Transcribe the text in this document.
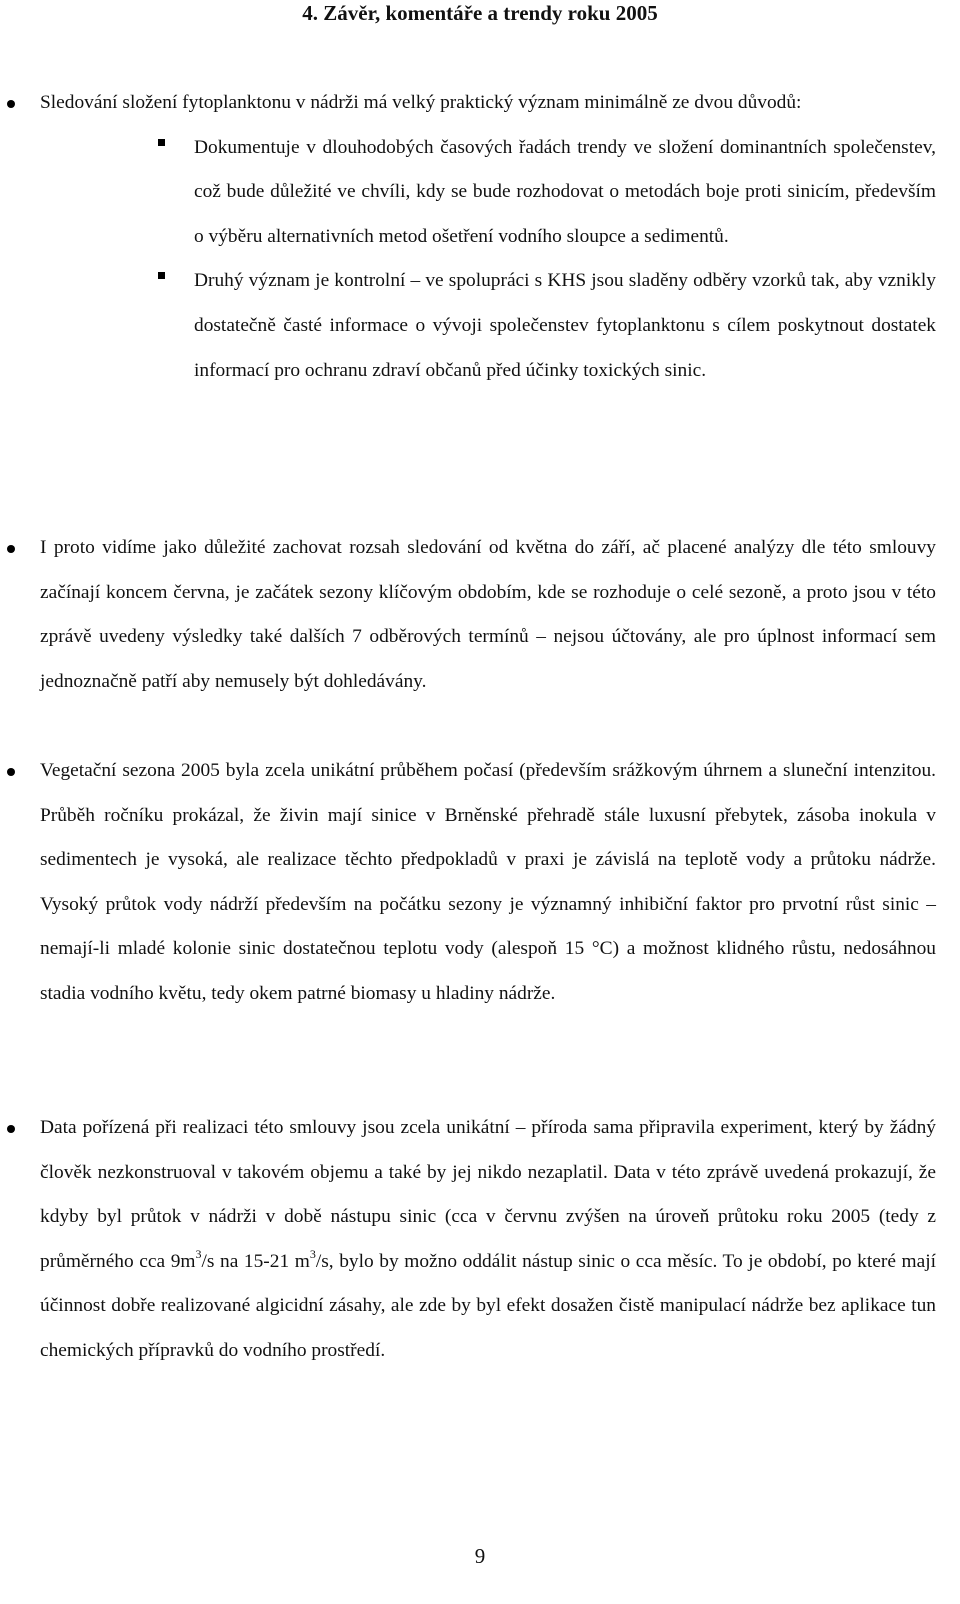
4. Závěr, komentáře a trendy roku 2005
Sledování složení fytoplanktonu v nádrži má velký praktický význam minimálně ze dvou důvodů:
Dokumentuje v dlouhodobých časových řadách trendy ve složení dominantních společenstev, což bude důležité ve chvíli, kdy se bude rozhodovat o metodách boje proti sinicím, především o výběru alternativních metod ošetření vodního sloupce a sedimentů.
Druhý význam je kontrolní – ve spolupráci s KHS jsou sladěny odběry vzorků tak, aby vznikly dostatečně časté informace o vývoji společenstev fytoplanktonu s cílem poskytnout dostatek informací pro ochranu zdraví občanů před účinky toxických sinic.
I proto vidíme jako důležité zachovat rozsah sledování od května do září, ač placené analýzy dle této smlouvy začínají koncem června, je začátek sezony klíčovým obdobím, kde se rozhoduje o celé sezoně, a proto jsou v této zprávě uvedeny výsledky také dalších 7 odběrových termínů – nejsou účtovány, ale pro úplnost informací sem jednoznačně patří aby nemusely být dohledávány.
Vegetační sezona 2005 byla zcela unikátní průběhem počasí (především srážkovým úhrnem a sluneční intenzitou. Průběh ročníku prokázal, že živin mají sinice v Brněnské přehradě stále luxusní přebytek, zásoba inokula v sedimentech je vysoká, ale realizace těchto předpokladů v praxi je závislá na teplotě vody a průtoku nádrže. Vysoký průtok vody nádrží především na počátku sezony je významný inhibiční faktor pro prvotní růst sinic – nemají-li mladé kolonie sinic dostatečnou teplotu vody (alespoň 15 °C) a možnost klidného růstu, nedosáhnou stadia vodního květu, tedy okem patrné biomasy u hladiny nádrže.
Data pořízená při realizaci této smlouvy jsou zcela unikátní – příroda sama připravila experiment, který by žádný člověk nezkonstruoval v takovém objemu a také by jej nikdo nezaplatil. Data v této zprávě uvedená prokazují, že kdyby byl průtok v nádrži v době nástupu sinic (cca v červnu zvýšen na úroveň průtoku roku 2005 (tedy z průměrného cca $9m^3/s$ na 15-21 $m^3/s$, bylo by možno oddálit nástup sinic o cca měsíc. To je období, po které mají účinnost dobře realizované algicidní zásahy, ale zde by byl efekt dosažen čistě manipulací nádrže bez aplikace tun chemických přípravků do vodního prostředí.
9
